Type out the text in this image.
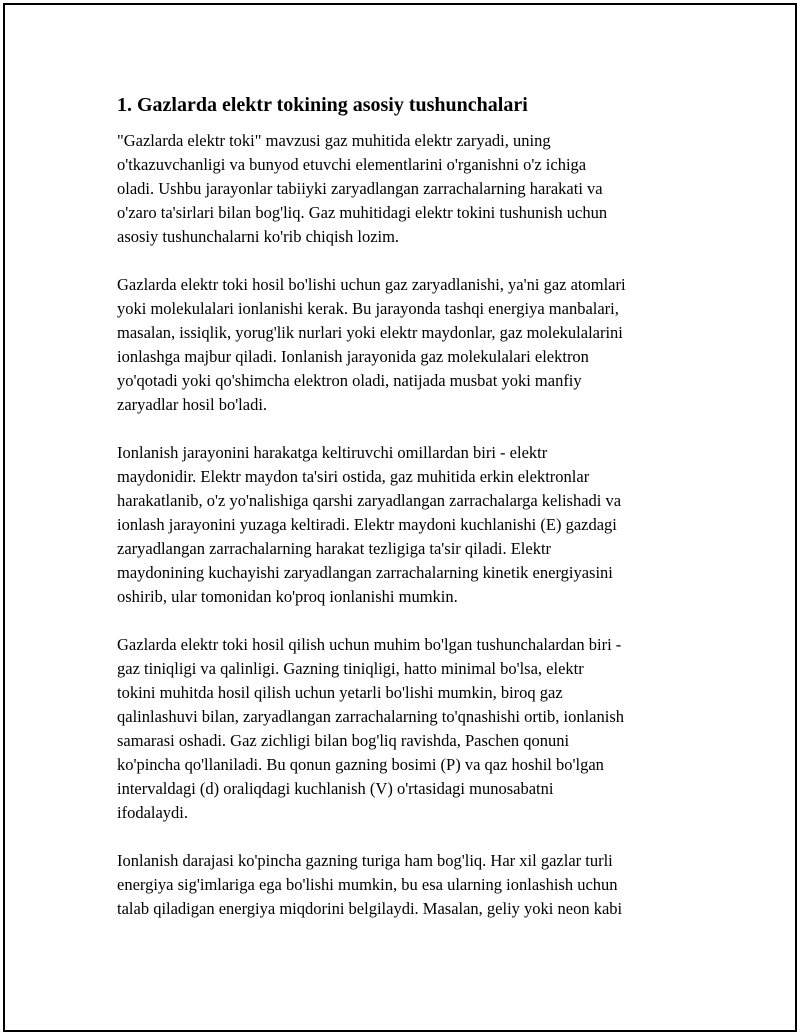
1. Gazlarda elektr tokining asosiy tushunchalari

"Gazlarda elektr toki" mavzusi gaz muhitida elektr zaryadi, uning
o'tkazuvchanligi va bunyod etuvchi elementlarini o'rganishni o'z ichiga
oladi. Ushbu jarayonlar tabiiyki zaryadlangan zarrachalarning harakati va
o'zaro ta'sirlari bilan bog'liq. Gaz muhitidagi elektr tokini tushunish uchun
asosiy tushunchalarni ko'rib chiqish lozim.

Gazlarda elektr toki hosil bo'lishi uchun gaz zaryadlanishi, ya'ni gaz atomlari
yoki molekulalari ionlanishi kerak. Bu jarayonda tashqi energiya manbalari,
masalan, issiqlik, yorug'lik nurlari yoki elektr maydonlar, gaz molekulalarini
ionlashga majbur qiladi. Ionlanish jarayonida gaz molekulalari elektron
yo'qotadi yoki qo'shimcha elektron oladi, natijada musbat yoki manfiy
zaryadlar hosil bo'ladi.

Ionlanish jarayonini harakatga keltiruvchi omillardan biri - elektr
maydonidir. Elektr maydon ta'siri ostida, gaz muhitida erkin elektronlar
harakatlanib, o'z yo'nalishiga qarshi zaryadlangan zarrachalarga kelishadi va
ionlash jarayonini yuzaga keltiradi. Elektr maydoni kuchlanishi (E) gazdagi
zaryadlangan zarrachalarning harakat tezligiga ta'sir qiladi. Elektr
maydonining kuchayishi zaryadlangan zarrachalarning kinetik energiyasini
oshirib, ular tomonidan ko'proq ionlanishi mumkin.

Gazlarda elektr toki hosil qilish uchun muhim bo'lgan tushunchalardan biri -
gaz tiniqligi va qalinligi. Gazning tiniqligi, hatto minimal bo'lsa, elektr
tokini muhitda hosil qilish uchun yetarli bo'lishi mumkin, biroq gaz
qalinlashuvi bilan, zaryadlangan zarrachalarning to'qnashishi ortib, ionlanish
samarasi oshadi. Gaz zichligi bilan bog'liq ravishda, Paschen qonuni
ko'pincha qo'llaniladi. Bu qonun gazning bosimi (P) va qaz hoshil bo'lgan
intervaldagi (d) oraliqdagi kuchlanish (V) o'rtasidagi munosabatni
ifodalaydi.

Ionlanish darajasi ko'pincha gazning turiga ham bog'liq. Har xil gazlar turli
energiya sig'imlariga ega bo'lishi mumkin, bu esa ularning ionlashish uchun
talab qiladigan energiya miqdorini belgilaydi. Masalan, geliy yoki neon kabi
